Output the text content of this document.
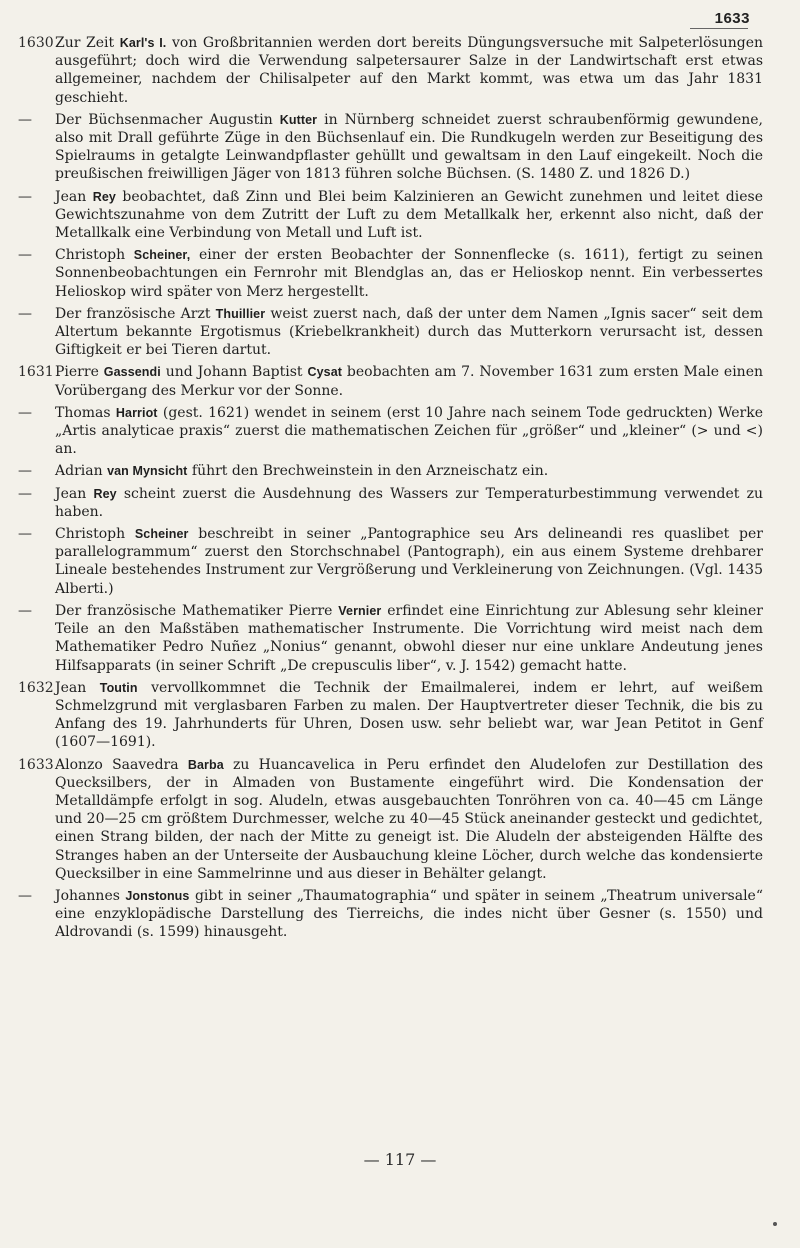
1633
1630 Zur Zeit Karl's I. von Großbritannien werden dort bereits Düngungsversuche mit Salpeterlösungen ausgeführt; doch wird die Verwendung salpetersaurer Salze in der Landwirtschaft erst etwas allgemeiner, nachdem der Chilisalpeter auf den Markt kommt, was etwa um das Jahr 1831 geschieht.
—	Der Büchsenmacher Augustin Kutter in Nürnberg schneidet zuerst schraubenförmig gewundene, also mit Drall geführte Züge in den Büchsenlauf ein. Die Rundkugeln werden zur Beseitigung des Spielraums in getalgte Leinwandpflaster gehüllt und gewaltsam in den Lauf eingekeilt. Noch die preußischen freiwilligen Jäger von 1813 führen solche Büchsen. (S. 1480 Z. und 1826 D.)
—	Jean Rey beobachtet, daß Zinn und Blei beim Kalzinieren an Gewicht zunehmen und leitet diese Gewichtszunahme von dem Zutritt der Luft zu dem Metallkalk her, erkennt also nicht, daß der Metallkalk eine Verbindung von Metall und Luft ist.
—	Christoph Scheiner, einer der ersten Beobachter der Sonnenflecke (s. 1611), fertigt zu seinen Sonnenbeobachtungen ein Fernrohr mit Blendglas an, das er Helioskop nennt. Ein verbessertes Helioskop wird später von Merz hergestellt.
—	Der französische Arzt Thuillier weist zuerst nach, daß der unter dem Namen „Ignis sacer“ seit dem Altertum bekannte Ergotismus (Kriebelkrankheit) durch das Mutterkorn verursacht ist, dessen Giftigkeit er bei Tieren dartut.
1631 Pierre Gassendi und Johann Baptist Cysat beobachten am 7. November 1631 zum ersten Male einen Vorübergang des Merkur vor der Sonne.
—	Thomas Harriot (gest. 1621) wendet in seinem (erst 10 Jahre nach seinem Tode gedruckten) Werke „Artis analyticae praxis“ zuerst die mathematischen Zeichen für „größer“ und „kleiner“ (> und <) an.
—	Adrian van Mynsicht führt den Brechweinstein in den Arzneischatz ein.
—	Jean Rey scheint zuerst die Ausdehnung des Wassers zur Temperaturbestimmung verwendet zu haben.
—	Christoph Scheiner beschreibt in seiner „Pantographice seu Ars delineandi res quaslibet per parallelogrammum“ zuerst den Storchschnabel (Pantograph), ein aus einem Systeme drehbarer Lineale bestehendes Instrument zur Vergrößerung und Verkleinerung von Zeichnungen. (Vgl. 1435 Alberti.)
—	Der französische Mathematiker Pierre Vernier erfindet eine Einrichtung zur Ablesung sehr kleiner Teile an den Maßstäben mathematischer Instrumente. Die Vorrichtung wird meist nach dem Mathematiker Pedro Nuñez „Nonius“ genannt, obwohl dieser nur eine unklare Andeutung jenes Hilfsapparats (in seiner Schrift „De crepusculis liber“, v. J. 1542) gemacht hatte.
1632 Jean Toutin vervollkommnet die Technik der Emailmalerei, indem er lehrt, auf weißem Schmelzgrund mit verglasbaren Farben zu malen. Der Hauptvertreter dieser Technik, die bis zu Anfang des 19. Jahrhunderts für Uhren, Dosen usw. sehr beliebt war, war Jean Petitot in Genf (1607—1691).
1633 Alonzo Saavedra Barba zu Huancavelica in Peru erfindet den Aludelofen zur Destillation des Quecksilbers, der in Almaden von Bustamente eingeführt wird. Die Kondensation der Metalldämpfe erfolgt in sog. Aludeln, etwas ausgebauchten Tonröhren von ca. 40—45 cm Länge und 20—25 cm größtem Durchmesser, welche zu 40—45 Stück aneinander gesteckt und gedichtet, einen Strang bilden, der nach der Mitte zu geneigt ist. Die Aludeln der absteigenden Hälfte des Stranges haben an der Unterseite der Ausbauchung kleine Löcher, durch welche das kondensierte Quecksilber in eine Sammelrinne und aus dieser in Behälter gelangt.
—	Johannes Jonstonus gibt in seiner „Thaumatographia“ und später in seinem „Theatrum universale“ eine enzyklopädische Darstellung des Tierreichs, die indes nicht über Gesner (s. 1550) und Aldrovandi (s. 1599) hinausgeht.
— 117 —
